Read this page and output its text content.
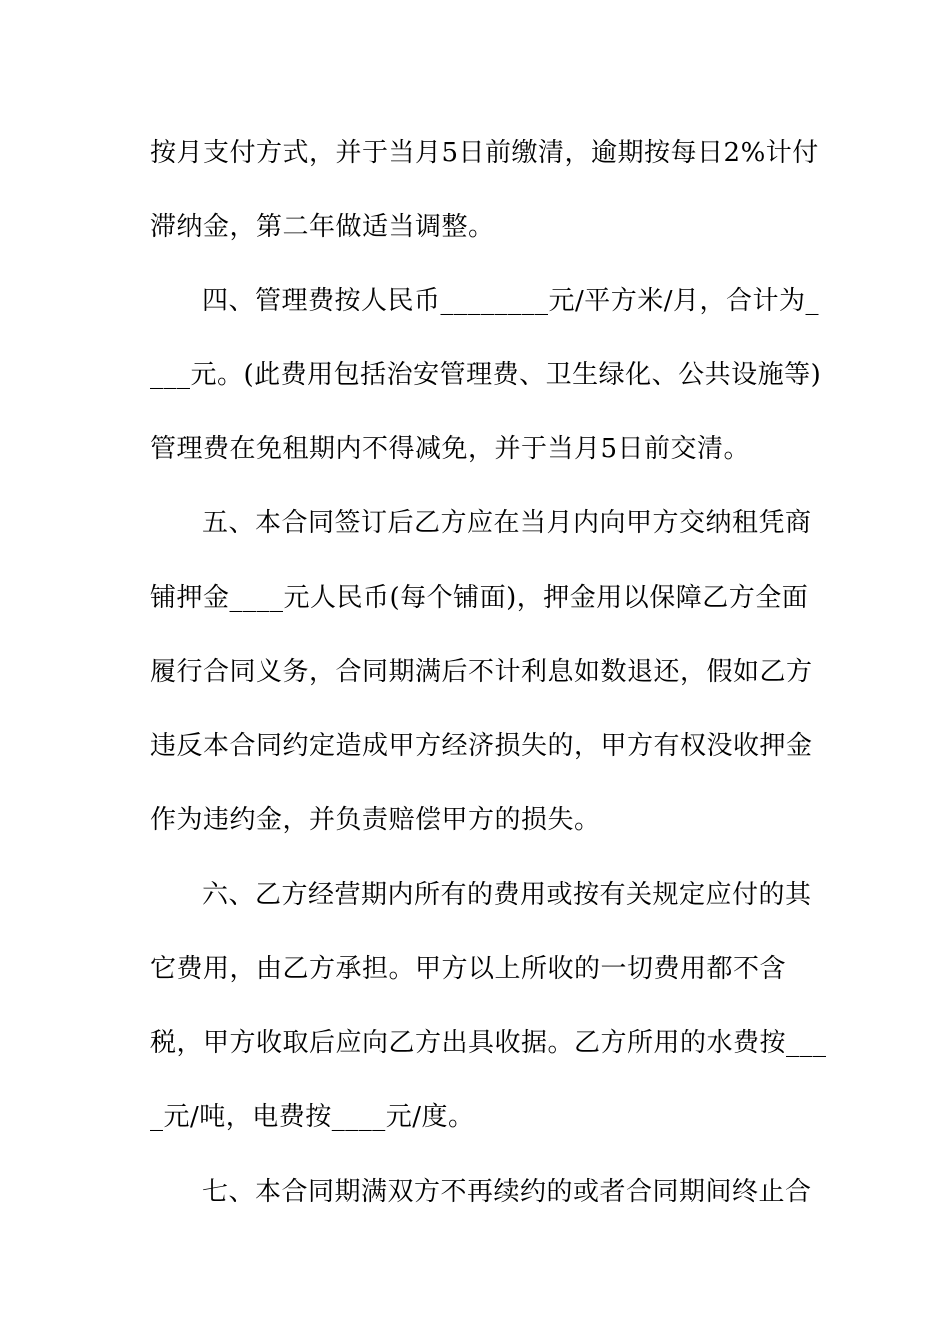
按月支付方式，并于当月5日前缴清，逾期按每日2%计付
滞纳金，第二年做适当调整。
四、管理费按人民币________元/平方米/月，合计为_
___元。(此费用包括治安管理费、卫生绿化、公共设施等)
管理费在免租期内不得减免，并于当月5日前交清。
五、本合同签订后乙方应在当月内向甲方交纳租凭商
铺押金____元人民币(每个铺面)，押金用以保障乙方全面
履行合同义务，合同期满后不计利息如数退还，假如乙方
违反本合同约定造成甲方经济损失的，甲方有权没收押金
作为违约金，并负责赔偿甲方的损失。
六、乙方经营期内所有的费用或按有关规定应付的其
它费用，由乙方承担。甲方以上所收的一切费用都不含
税，甲方收取后应向乙方出具收据。乙方所用的水费按___
_元/吨，电费按____元/度。
七、本合同期满双方不再续约的或者合同期间终止合
